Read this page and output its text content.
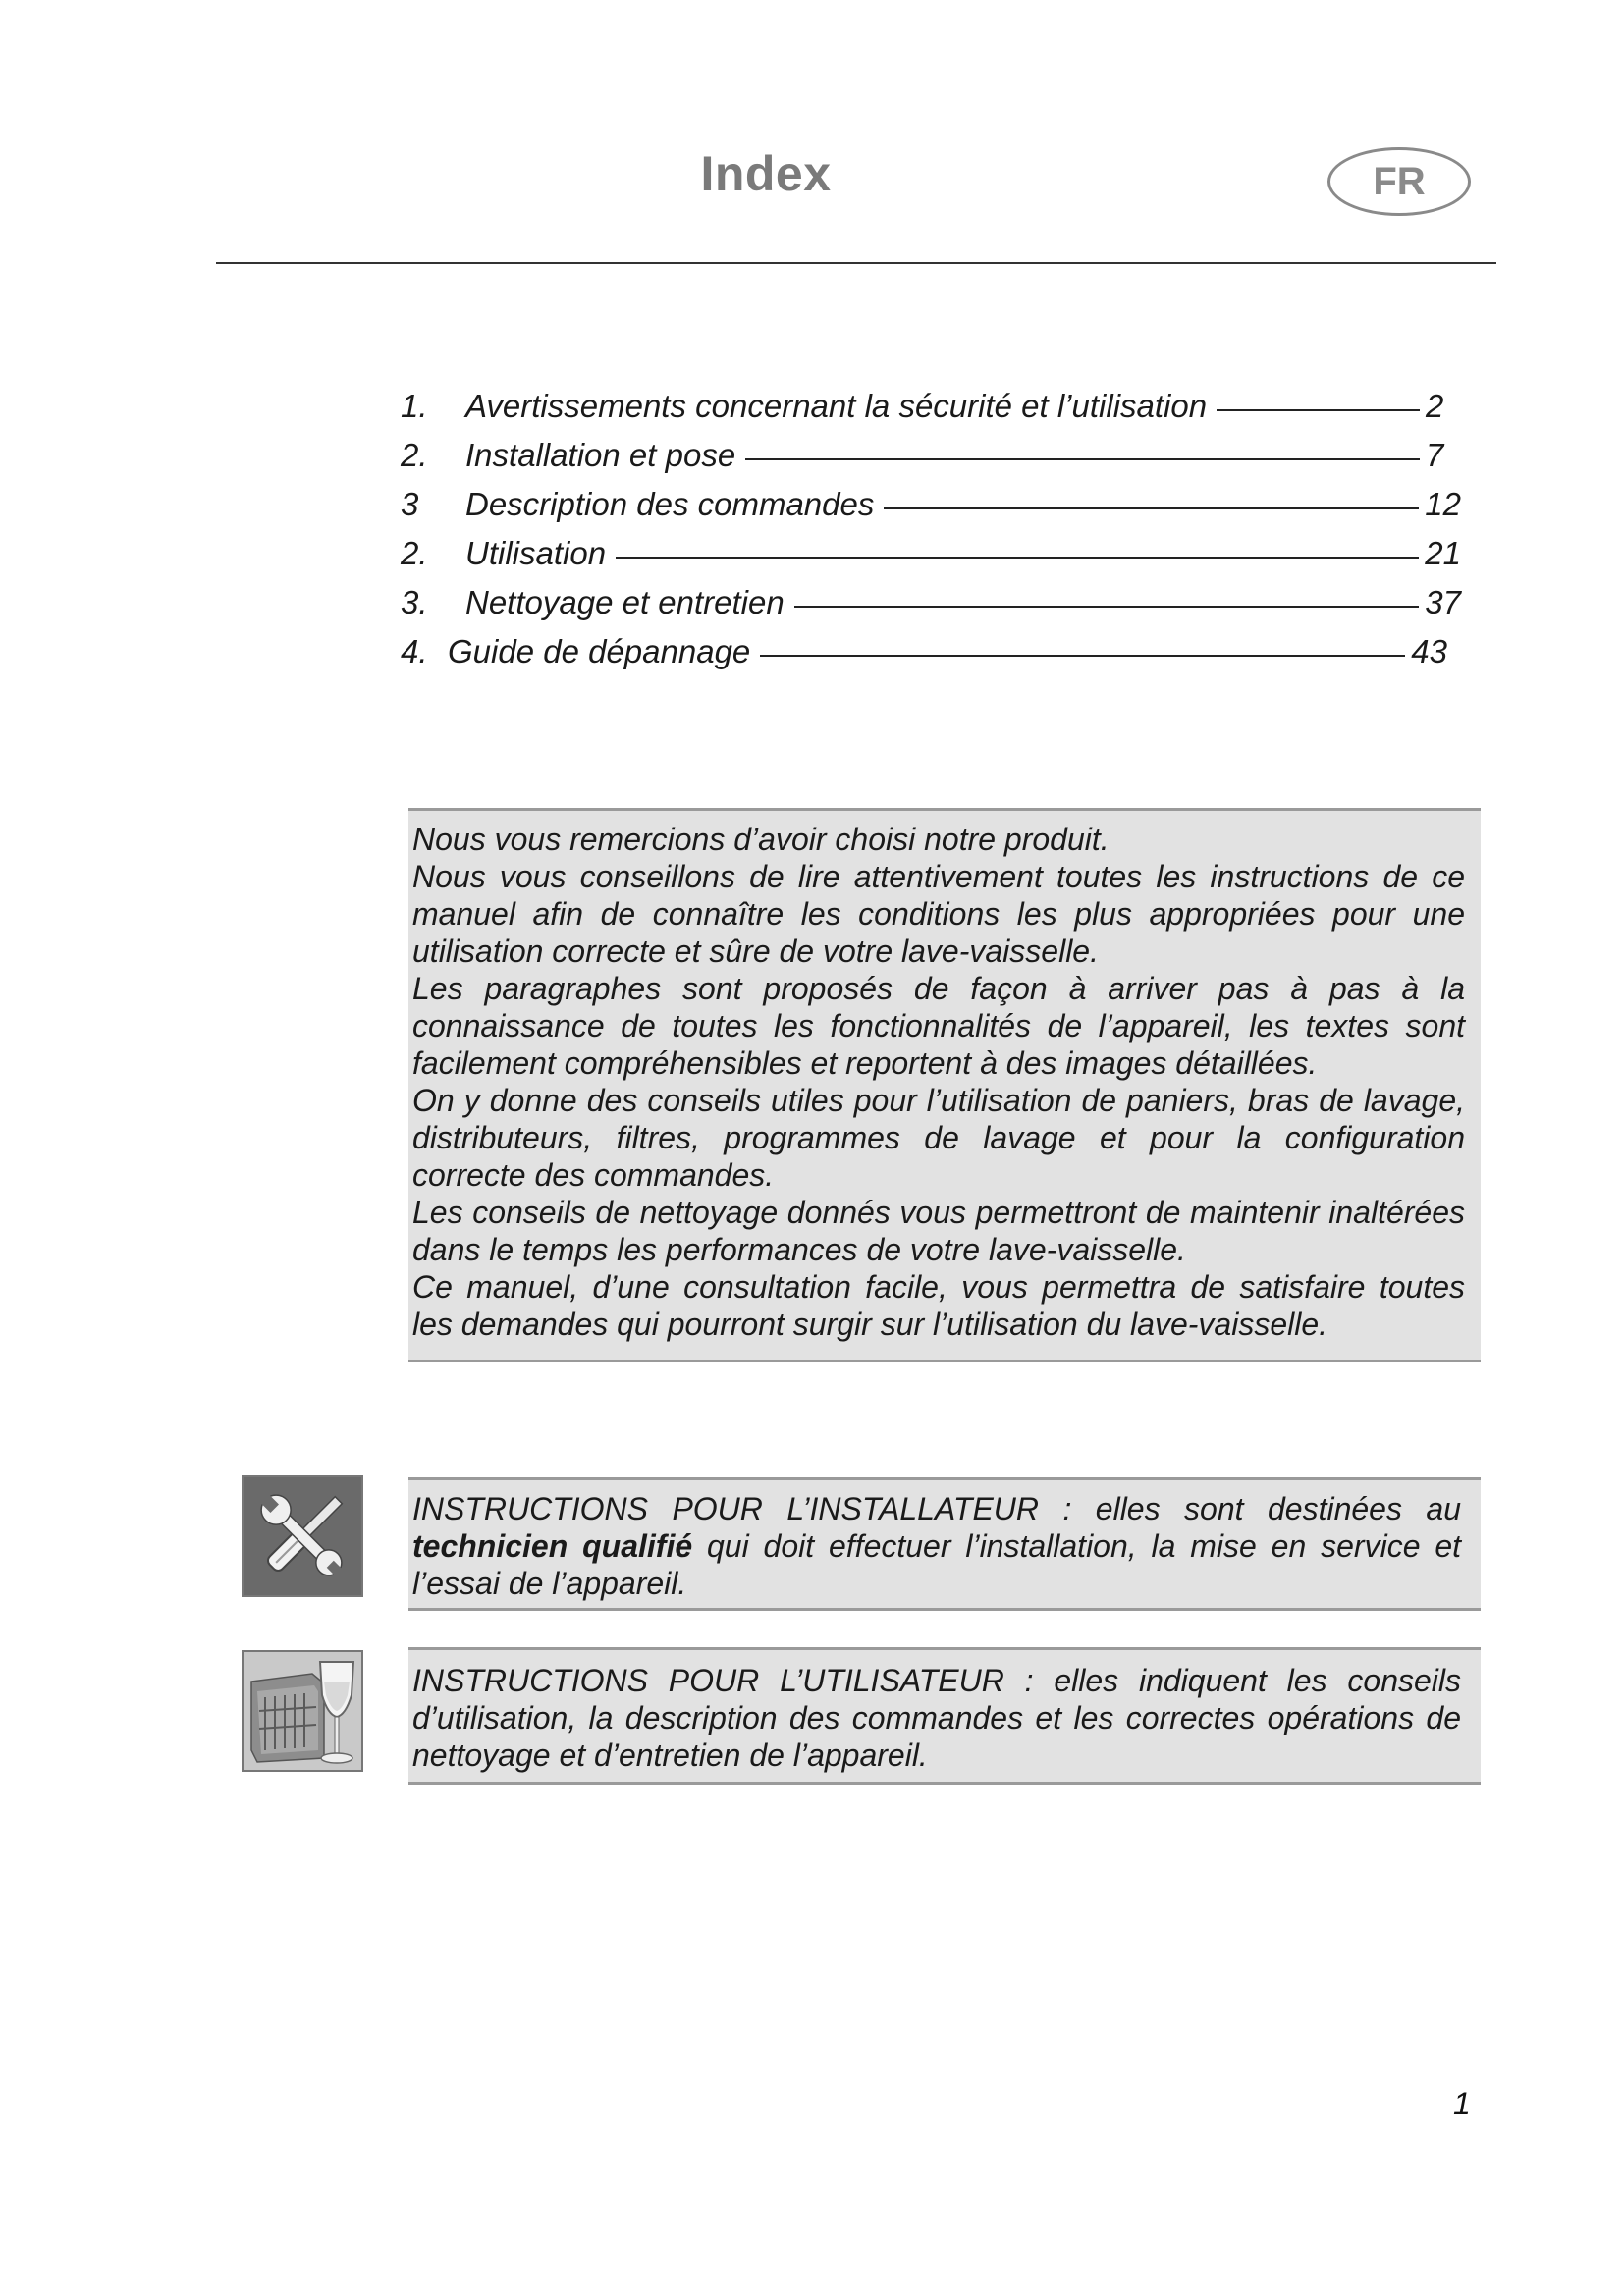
Index	FR
1.	Avertissements concernant la sécurité et l’utilisation	2
2.	Installation et pose	7
3	Description des commandes	12
2.	Utilisation	21
3.	Nettoyage et entretien	37
4. Guide de dépannage	43

Nous vous remercions d’avoir choisi notre produit.

Nous vous conseillons de lire attentivement toutes les instructions de ce manuel afin de connaître les conditions les plus appropriées pour une utilisation correcte et sûre de votre lave-vaisselle.

Les paragraphes sont proposés de façon à arriver pas à pas à la connaissance de toutes les fonctionnalités de l’appareil, les textes sont facilement compréhensibles et reportent à des images détaillées.

On y donne des conseils utiles pour l’utilisation de paniers, bras de lavage, distributeurs, filtres, programmes de lavage et pour la configuration correcte des commandes.

Les conseils de nettoyage donnés vous permettront de maintenir inaltérées dans le temps les performances de votre lave-vaisselle.

Ce manuel, d’une consultation facile, vous permettra de satisfaire toutes les demandes qui pourront surgir sur l’utilisation du lave-vaisselle.

INSTRUCTIONS POUR L’INSTALLATEUR : elles sont destinées au technicien qualifié qui doit effectuer l’installation, la mise en service et l’essai de l’appareil.

INSTRUCTIONS POUR L’UTILISATEUR : elles indiquent les conseils d’utilisation, la description des commandes et les correctes opérations de nettoyage et d’entretien de l’appareil.

1
